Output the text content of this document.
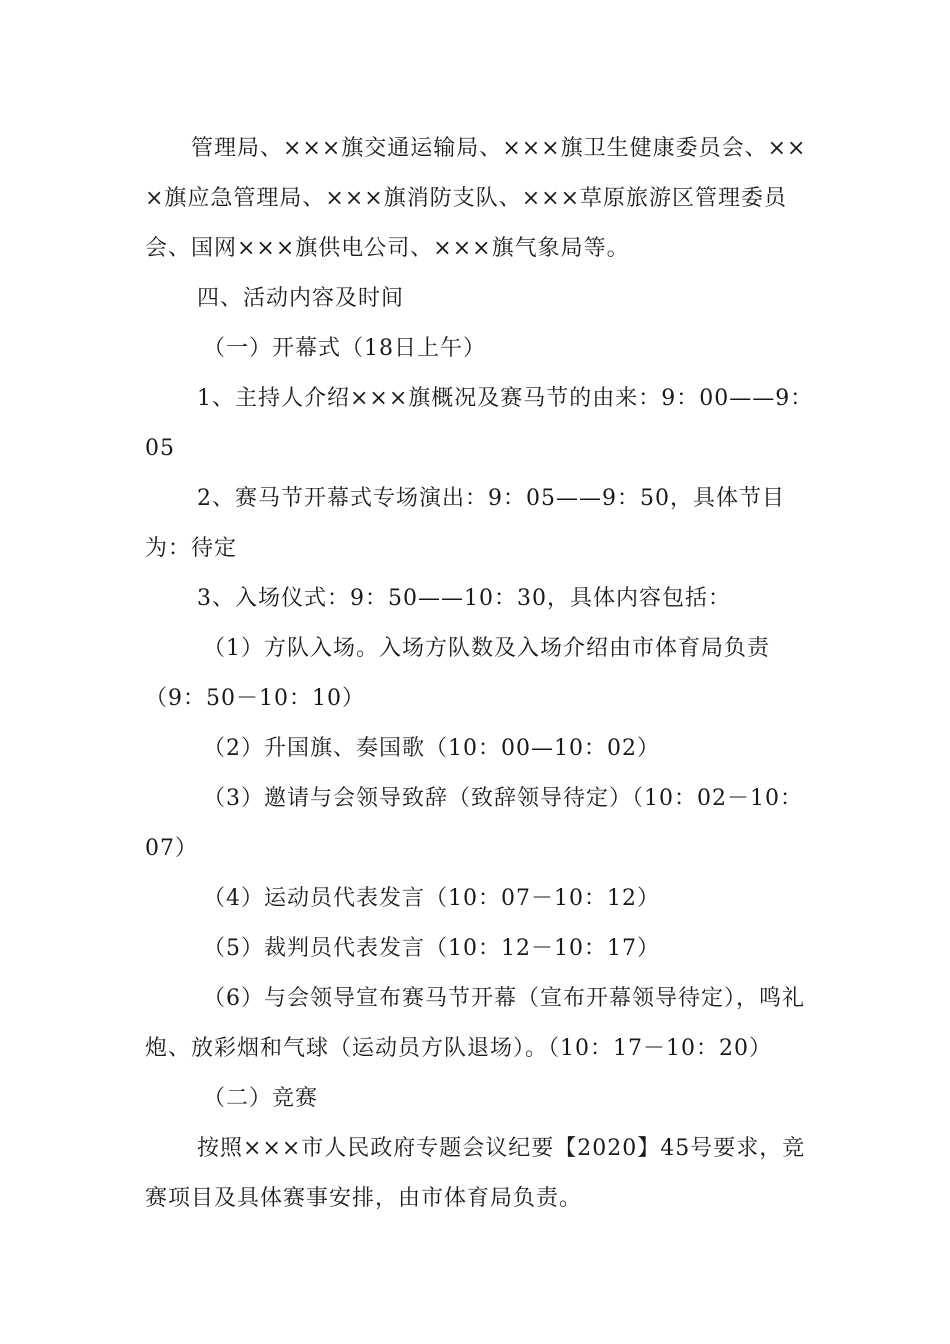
　　管理局、×××旗交通运输局、×××旗卫生健康委员会、×××旗应急管理局、×××旗消防支队、×××草原旅游区管理委员会、国网×××旗供电公司、×××旗气象局等。

四、活动内容及时间

（一）开幕式（18日上午）

1、主持人介绍×××旗概况及赛马节的由来：9：00——9：05

2、赛马节开幕式专场演出：9：05——9：50，具体节目为：待定

3、入场仪式：9：50——10：30，具体内容包括：

（1）方队入场。入场方队数及入场介绍由市体育局负责（9：50－10：10）

（2）升国旗、奏国歌（10：00—10：02）

（3）邀请与会领导致辞（致辞领导待定）（10：02－10：07）

（4）运动员代表发言（10：07－10：12）

（5）裁判员代表发言（10：12－10：17）

（6）与会领导宣布赛马节开幕（宣布开幕领导待定），鸣礼炮、放彩烟和气球（运动员方队退场）。（10：17－10：20）

（二）竞赛

按照×××市人民政府专题会议纪要【2020】45号要求，竞赛项目及具体赛事安排，由市体育局负责。
